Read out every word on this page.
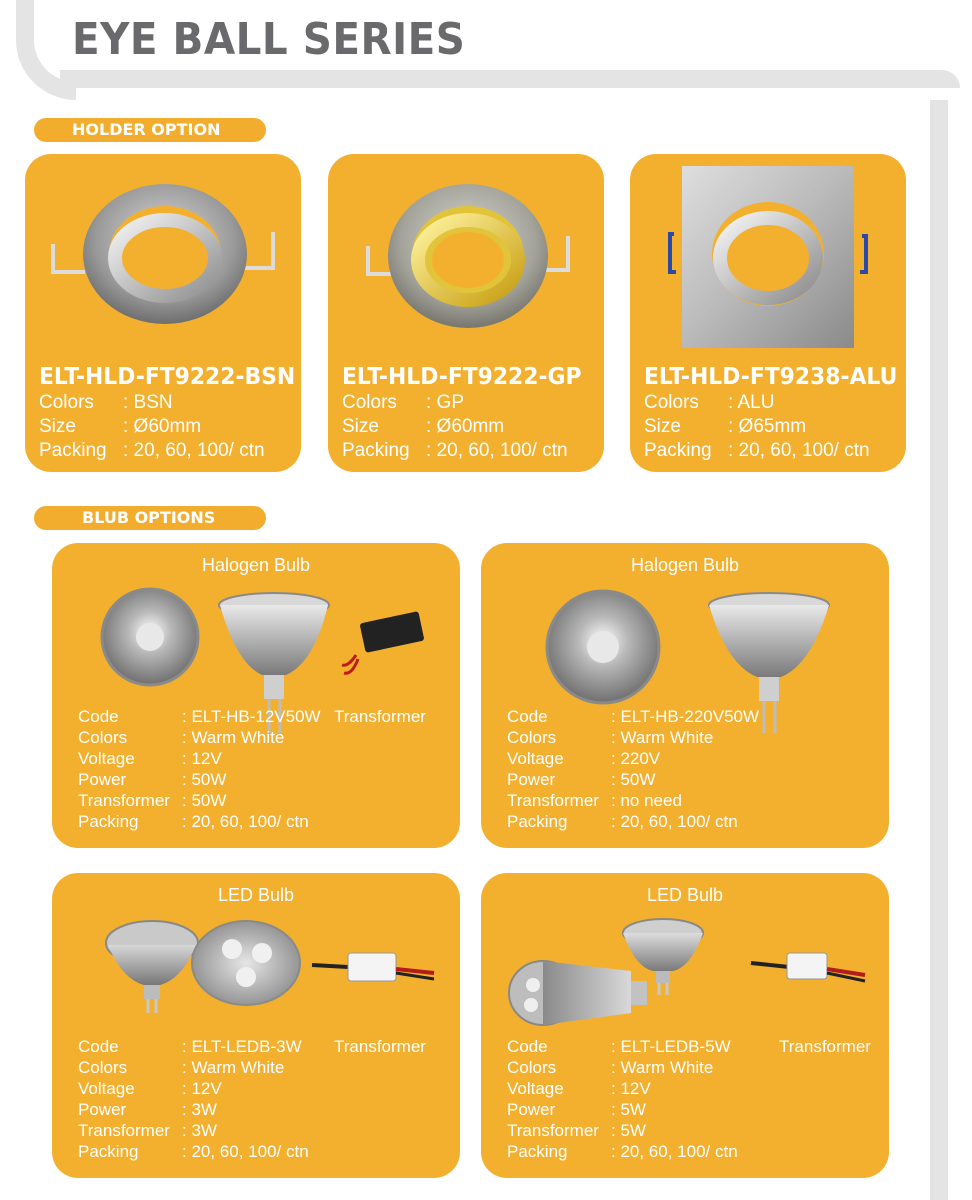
EYE BALL SERIES
HOLDER OPTION
ELT-HLD-FT9222-BSN
Colors : BSN
Size : Ø60mm
Packing : 20, 60, 100/ ctn
ELT-HLD-FT9222-GP
Colors : GP
Size : Ø60mm
Packing : 20, 60, 100/ ctn
ELT-HLD-FT9238-ALU
Colors : ALU
Size : Ø65mm
Packing : 20, 60, 100/ ctn
BLUB OPTIONS
Halogen Bulb
Transformer
Code	: ELT-HB-12V50W
Colors	: Warm White
Voltage	: 12V
Power	: 50W
Transformer : 50W
Packing	: 20, 60, 100/ ctn
Halogen Bulb
Code	: ELT-HB-220V50W
Colors	: Warm White
Voltage	: 220V
Power	: 50W
Transformer : no need
Packing	: 20, 60, 100/ ctn
LED Bulb
Transformer
Code	: ELT-LEDB-3W
Colors	: Warm White
Voltage	: 12V
Power	: 3W
Transformer : 3W
Packing	: 20, 60, 100/ ctn
LED Bulb
Transformer
Code	: ELT-LEDB-5W
Colors	: Warm White
Voltage	: 12V
Power	: 5W
Transformer : 5W
Packing	: 20, 60, 100/ ctn
